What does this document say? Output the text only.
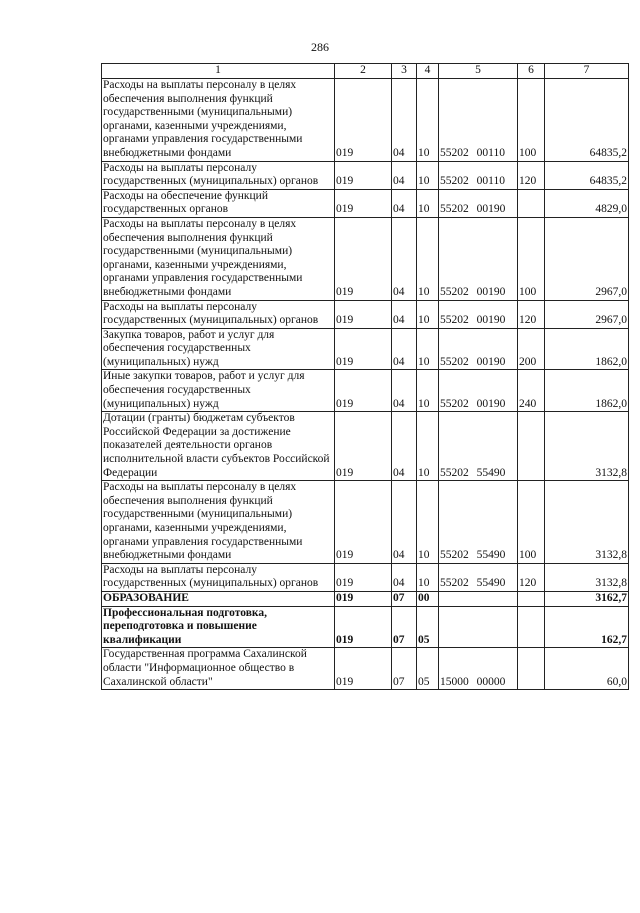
286
1	2	3	4	5	6	7
Расходы на выплаты персоналу в целях обеспечения выполнения функций государственными (муниципальными) органами, казенными учреждениями, органами управления государственными внебюджетными фондами	019	04	10	55202 00110	100	64835,2
Расходы на выплаты персоналу государственных (муниципальных) органов	019	04	10	55202 00110	120	64835,2
Расходы на обеспечение функций государственных органов	019	04	10	55202 00190		4829,0
Расходы на выплаты персоналу в целях обеспечения выполнения функций государственными (муниципальными) органами, казенными учреждениями, органами управления государственными внебюджетными фондами	019	04	10	55202 00190	100	2967,0
Расходы на выплаты персоналу государственных (муниципальных) органов	019	04	10	55202 00190	120	2967,0
Закупка товаров, работ и услуг для обеспечения государственных (муниципальных) нужд	019	04	10	55202 00190	200	1862,0
Иные закупки товаров, работ и услуг для обеспечения государственных (муниципальных) нужд	019	04	10	55202 00190	240	1862,0
Дотации (гранты) бюджетам субъектов Российской Федерации за достижение показателей деятельности органов исполнительной власти субъектов Российской Федерации	019	04	10	55202 55490		3132,8
Расходы на выплаты персоналу в целях обеспечения выполнения функций государственными (муниципальными) органами, казенными учреждениями, органами управления государственными внебюджетными фондами	019	04	10	55202 55490	100	3132,8
Расходы на выплаты персоналу государственных (муниципальных) органов	019	04	10	55202 55490	120	3132,8
ОБРАЗОВАНИЕ	019	07	00			3162,7
Профессиональная подготовка, переподготовка и повышение квалификации	019	07	05			162,7
Государственная программа Сахалинской области "Информационное общество в Сахалинской области"	019	07	05	15000 00000		60,0
